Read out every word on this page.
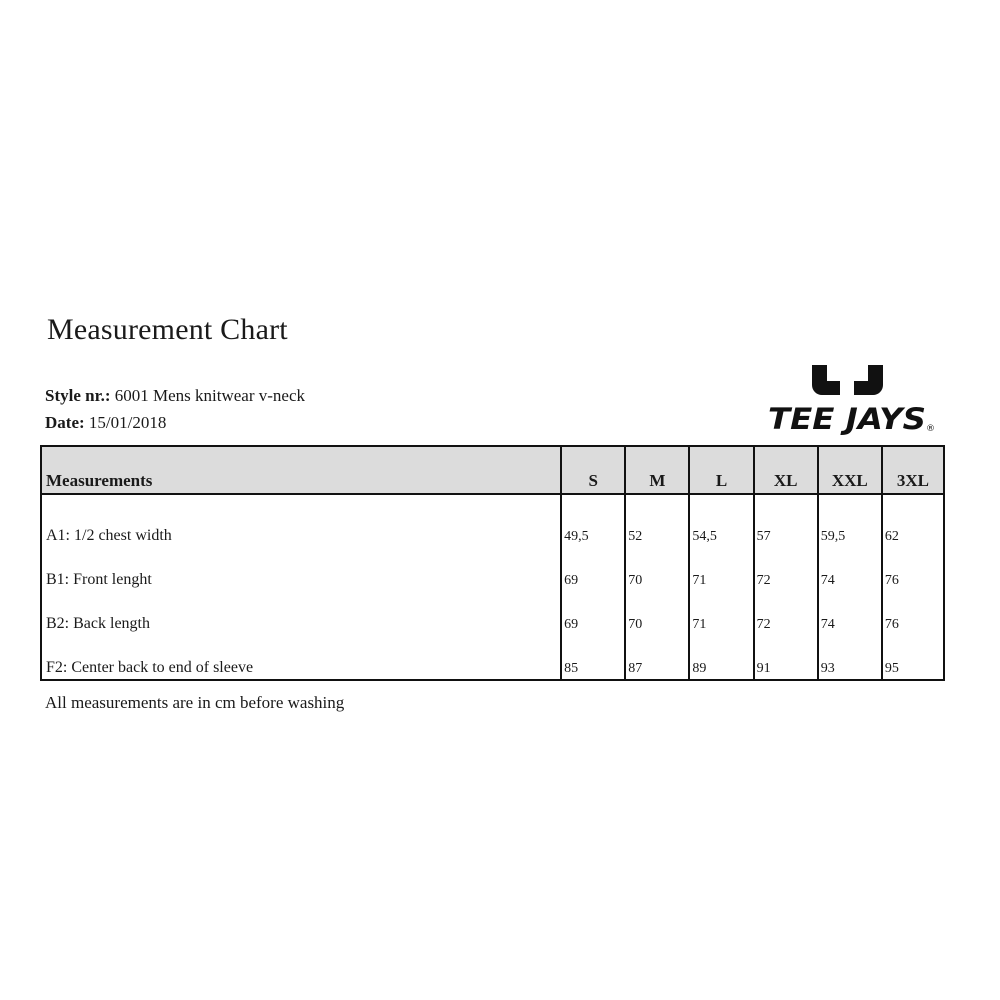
Measurement Chart
Style nr.: 6001 Mens knitwear v-neck
Date: 15/01/2018	TEE JAYS ®
Measurements	S	M	L	XL	XXL	3XL
A1: 1/2 chest width	49,5	52	54,5	57	59,5	62
B1: Front lenght	69	70	71	72	74	76
B2: Back length	69	70	71	72	74	76
F2: Center back to end of sleeve	85	87	89	91	93	95
All measurements are in cm before washing
